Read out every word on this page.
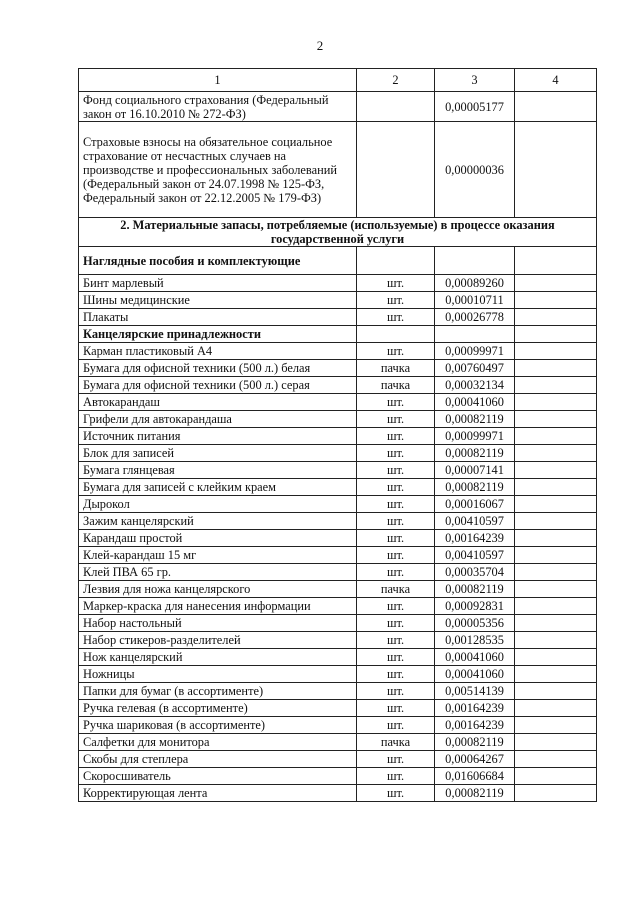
2
1	2	3	4
Фонд социального страхования (Федеральный закон от 16.10.2010 № 272-ФЗ)		0,00005177	
Страховые взносы на обязательное социальное страхование от несчастных случаев на производстве и профессиональных заболеваний (Федеральный закон от 24.07.1998 № 125-ФЗ, Федеральный закон от 22.12.2005 № 179-ФЗ)		0,00000036	
2. Материальные запасы, потребляемые (используемые) в процессе оказания государственной услуги			
Наглядные пособия и комплектующие			
Бинт марлевый	шт.	0,00089260	
Шины медицинские	шт.	0,00010711	
Плакаты	шт.	0,00026778	
Канцелярские принадлежности			
Карман пластиковый А4	шт.	0,00099971	
Бумага для офисной техники (500 л.) белая	пачка	0,00760497	
Бумага для офисной техники (500 л.) серая	пачка	0,00032134	
Автокарандаш	шт.	0,00041060	
Грифели для автокарандаша	шт.	0,00082119	
Источник питания	шт.	0,00099971	
Блок для записей	шт.	0,00082119	
Бумага глянцевая	шт.	0,00007141	
Бумага для записей с клейким краем	шт.	0,00082119	
Дырокол	шт.	0,00016067	
Зажим канцелярский	шт.	0,00410597	
Карандаш простой	шт.	0,00164239	
Клей-карандаш 15 мг	шт.	0,00410597	
Клей ПВА 65 гр.	шт.	0,00035704	
Лезвия для ножа канцелярского	пачка	0,00082119	
Маркер-краска для нанесения информации	шт.	0,00092831	
Набор настольный	шт.	0,00005356	
Набор стикеров-разделителей	шт.	0,00128535	
Нож канцелярский	шт.	0,00041060	
Ножницы	шт.	0,00041060	
Папки для бумаг (в ассортименте)	шт.	0,00514139	
Ручка гелевая (в ассортименте)	шт.	0,00164239	
Ручка шариковая (в ассортименте)	шт.	0,00164239	
Салфетки для монитора	пачка	0,00082119	
Скобы для степлера	шт.	0,00064267	
Скоросшиватель	шт.	0,01606684	
Корректирующая лента	шт.	0,00082119	
